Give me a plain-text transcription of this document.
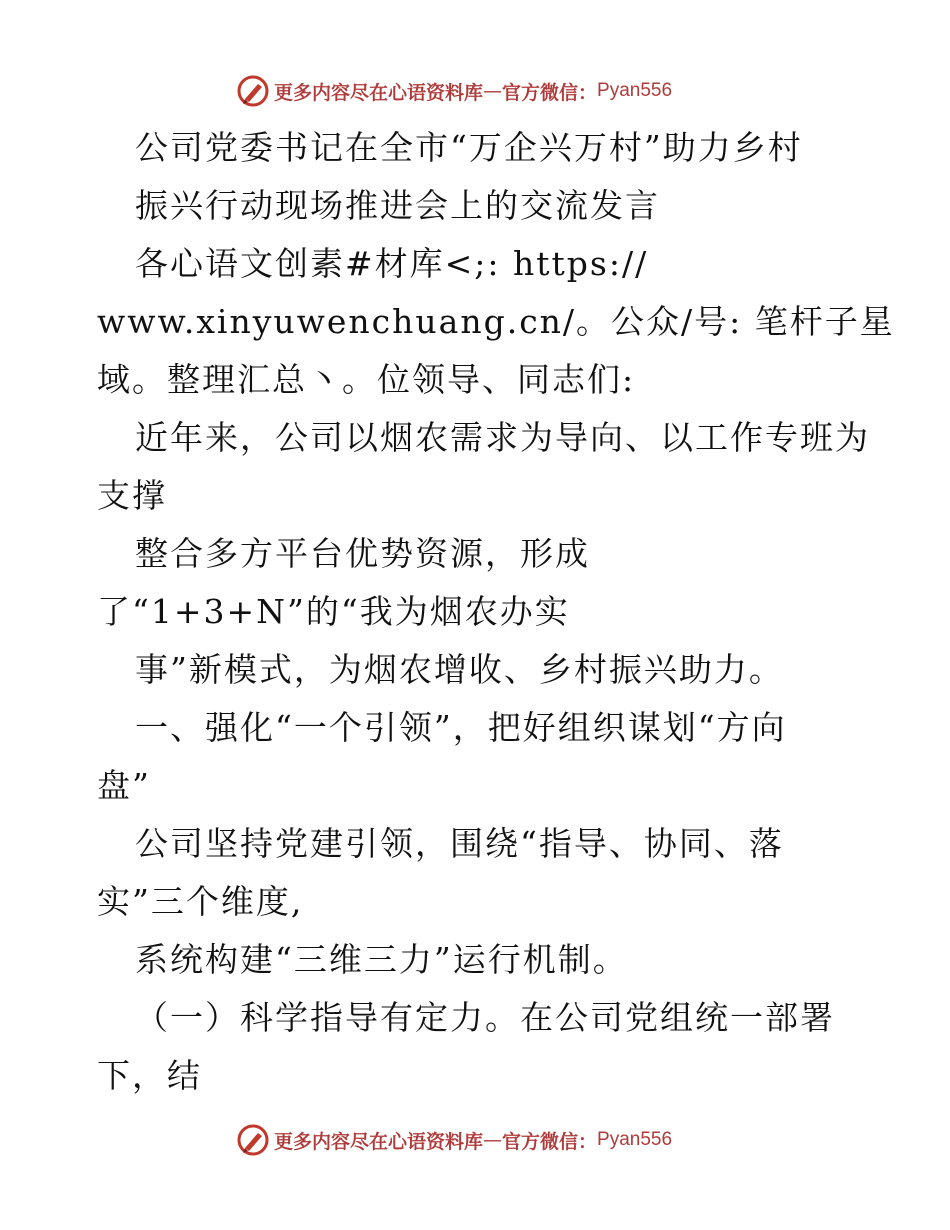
更多内容尽在心语资料库 — 官方微信： Pyan556
公司党委书记在全市“万企兴万村”助力乡村
振兴行动现场推进会上的交流发言
各心语文创素#材库<;: https://
www.xinyuwenchuang.cn/。公众/号: 笔杆子星
域。整理汇总丶。位领导、同志们:
近年来，公司以烟农需求为导向、以工作专班为
支撑
整合多方平台优势资源，形成
了“1+3+N”的“我为烟农办实
事”新模式，为烟农增收、乡村振兴助力。
一、强化“一个引领”，把好组织谋划“方向
盘”
公司坚持党建引领，围绕“指导、协同、落
实”三个维度,
系统构建“三维三力”运行机制。
（一）科学指导有定力。在公司党组统一部署
下，结
更多内容尽在心语资料库 — 官方微信： Pyan556
